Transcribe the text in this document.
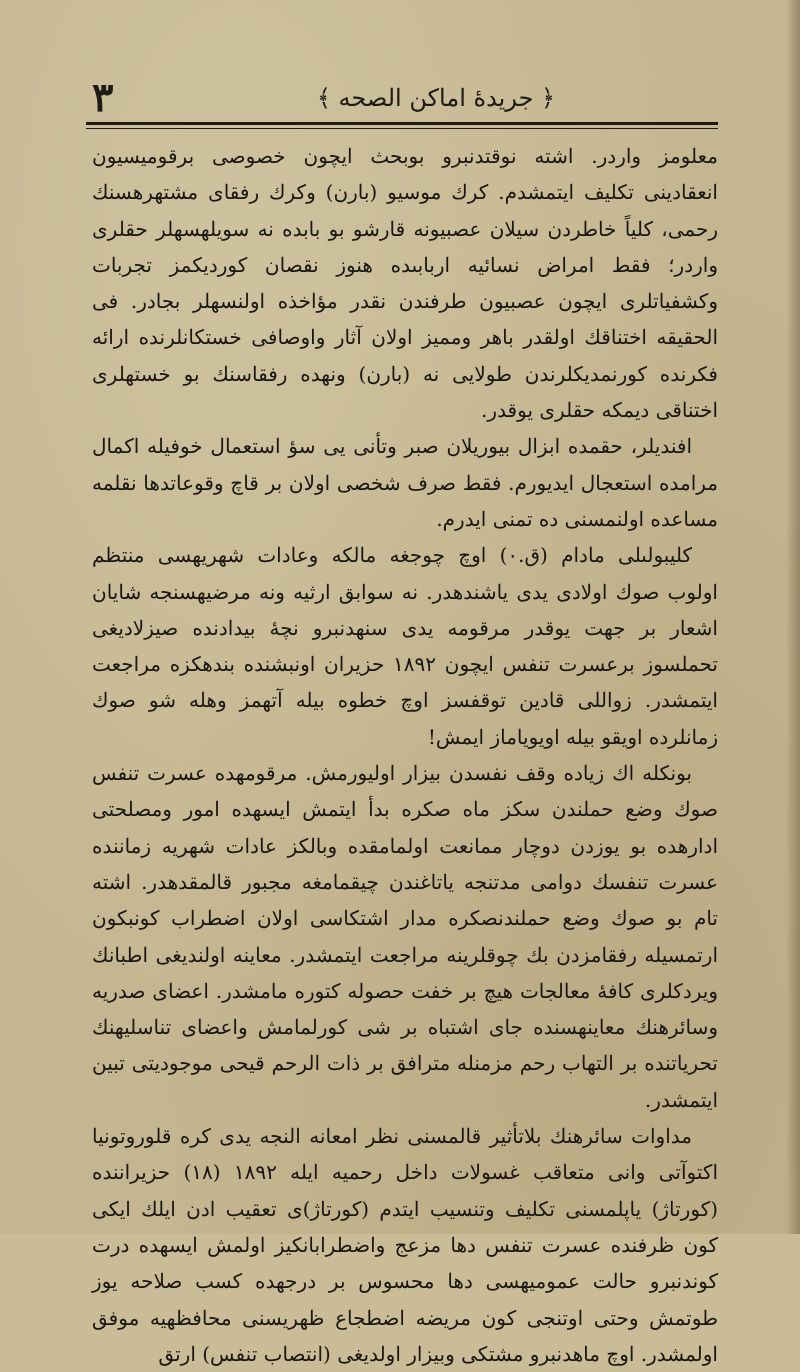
٣	﴿ جريدۀ اماكن الصحه ﴾

معلومز واردر. اشته نوقتدنبرو بوبحث ايچون خصوصى برقوميسيون انعقادينى تكليف ايتمشدم. كرك موسيو (بارن) وكرك رفقاى مشتهرهسنك رحمى، كلياً خاطردن سيلان عصبيونه قارشو بو بابده نه سويلهسهلر حقلرى واردر؛ فقط امراض نسائيه اربابىده هنوز نقصان كورديكمز تجربات وكشفياتلرى ايچون عصبيون طرفندن نقدر مؤاخذه اولنسهلر بجادر. فى الحقيقه اختناقك اولقدر باهر ومميز اولان آثار واوصافى خستكانلرنده ارائه فكرنده كورنمديكلرندن طولايى نه (بارن) ونهده رفقاسنك بو خستهلرى اختناقى ديمكه حقلرى يوقدر.

افنديلر، حقمده ابزال بيوريلان صبر وتأنى يى سؤ استعمال خوفيله اكمال مرامده استعجال ايديورم. فقط صرف شخصى اولان بر قاچ وقوعاتدها نقلمه مساعده اولنمسنى ده تمنى ايدرم.

كليبولىلى مادام (ق.٠) اوچ چوجغه مالكه وعادات شهريهسى منتظم اولوب صوك اولادى يدى ياشندهدر. نه سوابق ارثيه ونه مرضيهسنجه شايان اشعار بر جهت يوقدر مرقومه يدى سنهدنبرو نچۀ بيدادنده صيزلاديغى تحملسوز برعسرت تنفس ايچون ١٨٩٢ حزيران اونبشنده بندهكزه مراجعت ايتمشدر. زواللى قادين توقفسز اوچ خطوه بيله آتهمز وهله شو صوك زمانلرده اويقو بيله اويوياماز ايمش!

بونكله اك زياده وقف نفسدن بيزار اوليورمش. مرقومهده عسرت تنفس صوك وضع حملندن سكز ماه صكره بدأ ايتمش ايسهده امور ومصلحتى ادارهده بو يوزدن دوچار ممانعت اولمامقده وبالكز عادات شهريه زماننده عسرت تنفسك دوامى مدتنجه ياتاغندن چيقمامغه مجبور قالمقدهدر. اشته تام بو صوك وضع حملندنصكره مدار اشتكاسى اولان اضطراب كونبكون ارتمسيله رفقامزدن بك چوقلرينه مراجعت ايتمشدر. معاينه اولنديغى اطبانك ويردكلرى كافۀ معالجات هيچ بر خفت حصوله كتوره مامشدر. اعضاى صدريه وسائرهنك معاينهسنده جاى اشتباه بر شى كورلمامش واعضاى تناسليهنك تحرياتنده بر التهاب رحم مزمنله مترافق بر ذات الرحم قيحى موجوديتى تبين ايتمشدر.

مداوات سائرهنك بلاتأثير قالمسنى نظر امعانه النجه يدى كره قلوروتونيا اكتوآتى وانى متعاقب غسولات داخل رحميه ايله ١٨٩٢ (١٨) حزيراننده (كورتاژ) ياپلمسنى تكليف وتنسيب ايتدم (كورتاژ)ى تعقيب ادن ايلك ايكى كون ظرفنده عسرت تنفس دها مزعج واضطرابانكيز اولمش ايسهده درت كوندنبرو حالت عموميهسى دها محسوس بر درجهده كسب صلاحه يوز طوتمش وحتى اوتنجى كون مريضه اضطجاع ظهريسنى محافظهيه موفق اولمشدر. اوچ ماهدنبرو مشتكى وبيزار اولديغى (انتصاب تنفس) ارتق
